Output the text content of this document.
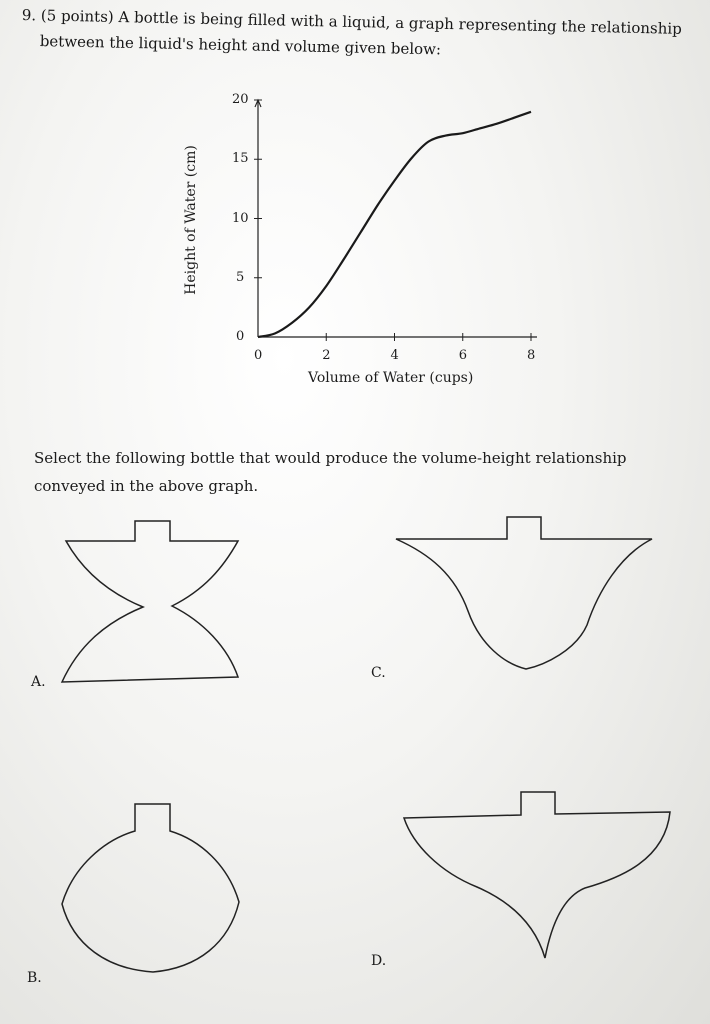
9. (5 points) A bottle is being filled with a liquid, a graph representing the relationship

between the liquid's height and volume given below:

0	2	4	6	8
0
5
10
15
20
Height of Water (cm)
Volume of Water (cups)

Select the following bottle that would produce the volume-height relationship conveyed in the above graph.

A.
B.
C.
D.
